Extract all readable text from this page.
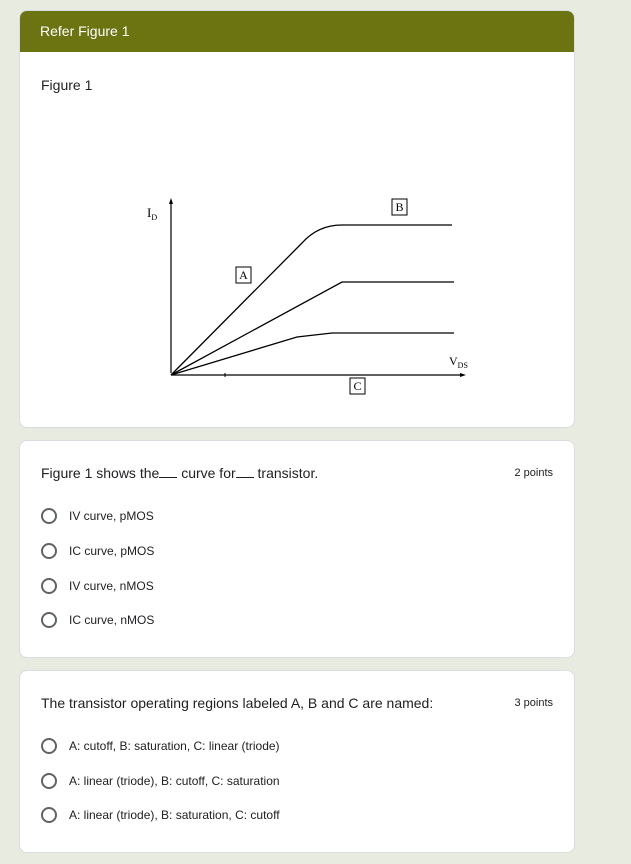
Refer Figure 1
Figure 1
$I_D$
$V_{DS}$
A
B
C
Figure 1 shows the curve for transistor.	2 points
IV curve, pMOS
IC curve, pMOS
IV curve, nMOS
IC curve, nMOS
The transistor operating regions labeled A, B and C are named:	3 points
A: cutoff, B: saturation, C: linear (triode)
A: linear (triode), B: cutoff, C: saturation
A: linear (triode), B: saturation, C: cutoff
